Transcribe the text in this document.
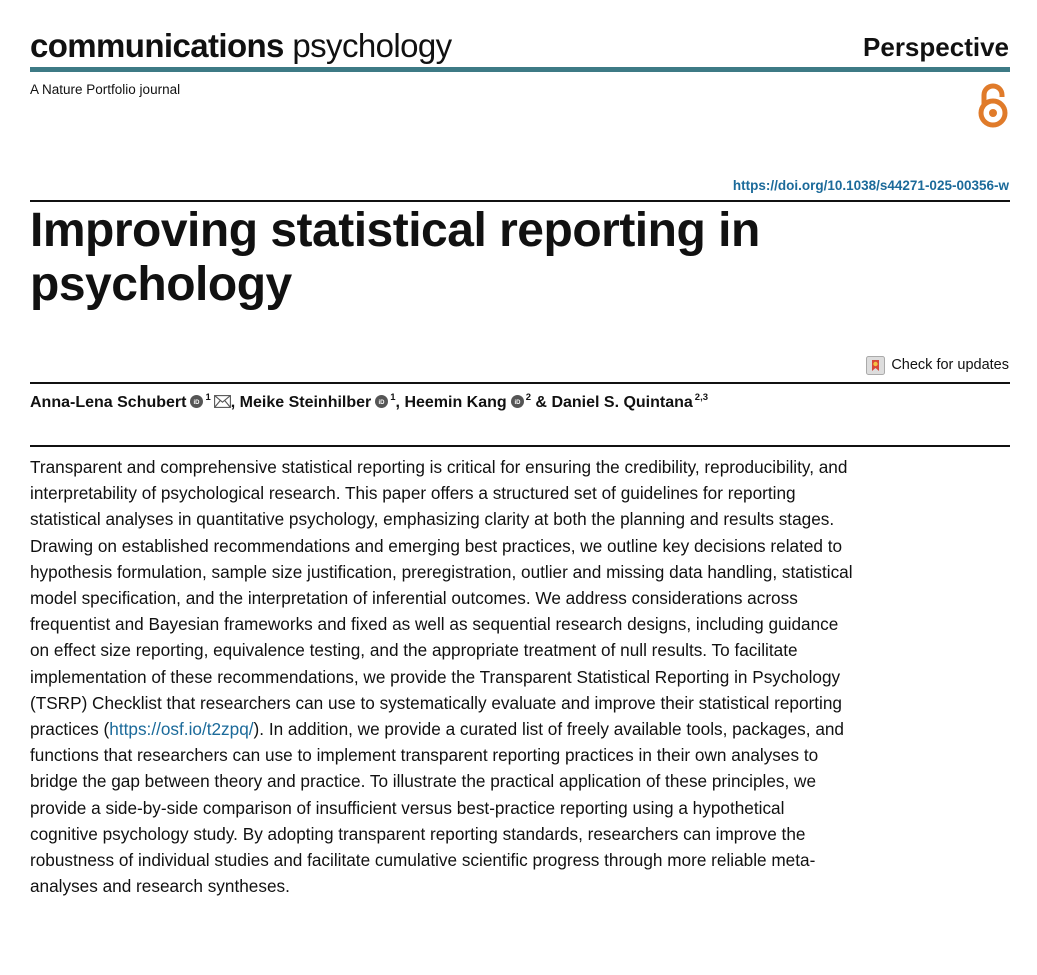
communications psychology	Perspective
A Nature Portfolio journal
https://doi.org/10.1038/s44271-025-00356-w
Improving statistical reporting in psychology
Check for updates
Anna-Lena Schubert iD $^1$ , Meike Steinhilber iD $^1$, Heemin Kang iD $^2$ & Daniel S. Quintana $^{2,3}$

Transparent and comprehensive statistical reporting is critical for ensuring the credibility, reproducibility, and interpretability of psychological research. This paper offers a structured set of guidelines for reporting statistical analyses in quantitative psychology, emphasizing clarity at both the planning and results stages. Drawing on established recommendations and emerging best practices, we outline key decisions related to hypothesis formulation, sample size justification, preregistration, outlier and missing data handling, statistical model specification, and the interpretation of inferential outcomes. We address considerations across frequentist and Bayesian frameworks and fixed as well as sequential research designs, including guidance on effect size reporting, equivalence testing, and the appropriate treatment of null results. To facilitate implementation of these recommendations, we provide the Transparent Statistical Reporting in Psychology (TSRP) Checklist that researchers can use to systematically evaluate and improve their statistical reporting practices (https://osf.io/t2zpq/). In addition, we provide a curated list of freely available tools, packages, and functions that researchers can use to implement transparent reporting practices in their own analyses to bridge the gap between theory and practice. To illustrate the practical application of these principles, we provide a side-by-side comparison of insufficient versus best-practice reporting using a hypothetical cognitive psychology study. By adopting transparent reporting standards, researchers can improve the robustness of individual studies and facilitate cumulative scientific progress through more reliable meta-analyses and research syntheses.
